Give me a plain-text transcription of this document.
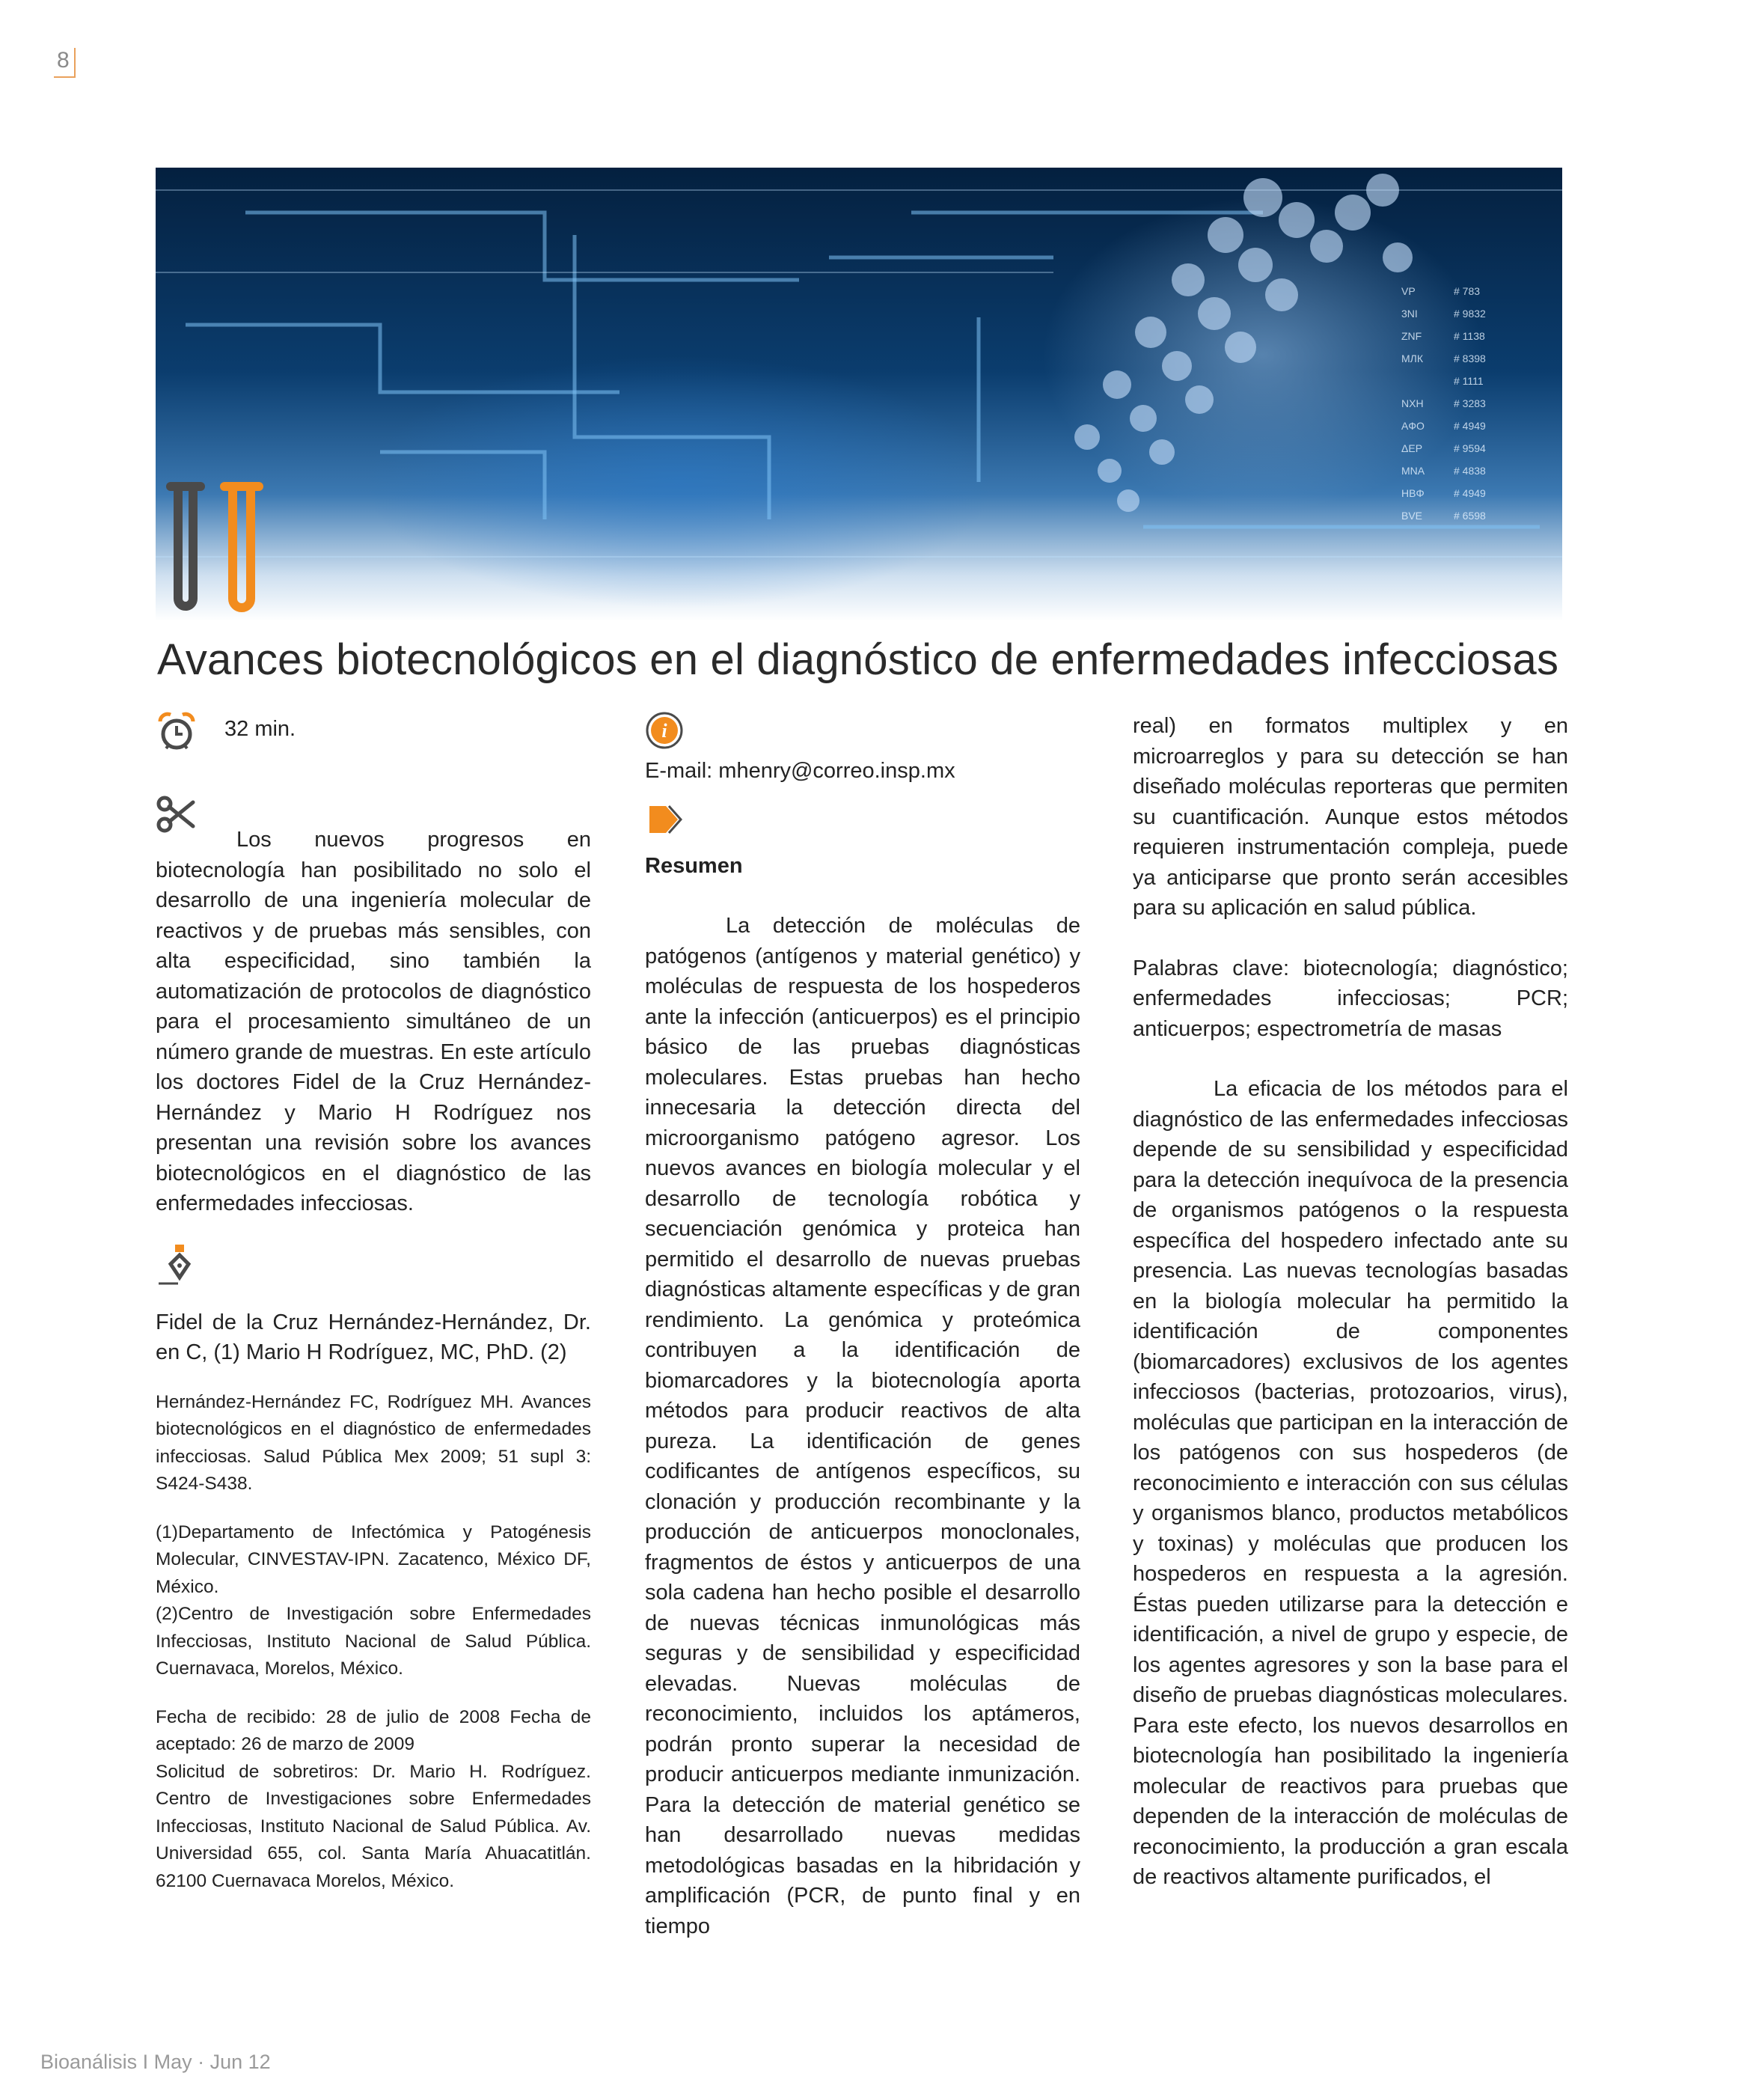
8
VP
3NI
ZNF
МЛК
NXH
AФO
ΔEP
MNA
HBΦ
BVE
# 783
# 9832
# 1138
# 8398
# 1111
# 3283
# 4949
# 9594
# 4838
# 4949
# 6598
Avances biotecnológicos en el diagnóstico de enfermedades infecciosas
32 min.

Los nuevos progresos en biotecnología han posibilitado no solo el desarrollo de una ingeniería molecular de reactivos y de pruebas más sensibles, con alta especificidad, sino también la automatización de protocolos de diagnóstico para el procesamiento simultáneo de un número grande de muestras. En este artículo los doctores Fidel de la Cruz Hernández-Hernández y Mario H Rodríguez nos presentan una revisión sobre los avances biotecnológicos en el diagnóstico de las enfermedades infecciosas.

Fidel de la Cruz Hernández-Hernández, Dr. en C, (1) Mario H Rodríguez, MC, PhD. (2)

Hernández-Hernández FC, Rodríguez MH. Avances biotecnológicos en el diagnóstico de enfermedades infecciosas. Salud Pública Mex 2009; 51 supl 3: S424-S438.

(1)Departamento de Infectómica y Patogénesis Molecular, CINVESTAV-IPN. Zacatenco, México DF, México.

(2)Centro de Investigación sobre Enfermedades Infecciosas, Instituto Nacional de Salud Pública. Cuernavaca, Morelos, México.

Fecha de recibido: 28 de julio de 2008 Fecha de aceptado: 26 de marzo de 2009

Solicitud de sobretiros: Dr. Mario H. Rodríguez. Centro de Investigaciones sobre Enfermedades Infecciosas, Instituto Nacional de Salud Pública. Av. Universidad 655, col. Santa María Ahuacatitlán. 62100 Cuernavaca Morelos, México.

i

E-mail: mhenry@correo.insp.mx

Resumen

La detección de moléculas de patógenos (antígenos y material genético) y moléculas de respuesta de los hospederos ante la infección (anticuerpos) es el principio básico de las pruebas diagnósticas moleculares. Estas pruebas han hecho innecesaria la detección directa del microorganismo patógeno agresor. Los nuevos avances en biología molecular y el desarrollo de tecnología robótica y secuenciación genómica y proteica han permitido el desarrollo de nuevas pruebas diagnósticas altamente específicas y de gran rendimiento. La genómica y proteómica contribuyen a la identificación de biomarcadores y la biotecnología aporta métodos para producir reactivos de alta pureza. La identificación de genes codificantes de antígenos específicos, su clonación y producción recombinante y la producción de anticuerpos monoclonales, fragmentos de éstos y anticuerpos de una sola cadena han hecho posible el desarrollo de nuevas técnicas inmunológicas más seguras y de sensibilidad y especificidad elevadas. Nuevas moléculas de reconocimiento, incluidos los aptámeros, podrán pronto superar la necesidad de producir anticuerpos mediante inmunización. Para la detección de material genético se han desarrollado nuevas medidas metodológicas basadas en la hibridación y amplificación (PCR, de punto final y en tiempo

real) en formatos multiplex y en microarreglos y para su detección se han diseñado moléculas reporteras que permiten su cuantificación. Aunque estos métodos requieren instrumentación compleja, puede ya anticiparse que pronto serán accesibles para su aplicación en salud pública.

Palabras clave: biotecnología; diagnóstico; enfermedades infecciosas; PCR; anticuerpos; espectrometría de masas

La eficacia de los métodos para el diagnóstico de las enfermedades infecciosas depende de su sensibilidad y especificidad para la detección inequívoca de la presencia de organismos patógenos o la respuesta específica del hospedero infectado ante su presencia. Las nuevas tecnologías basadas en la biología molecular ha permitido la identificación de componentes (biomarcadores) exclusivos de los agentes infecciosos (bacterias, protozoarios, virus), moléculas que participan en la interacción de los patógenos con sus hospederos (de reconocimiento e interacción con sus células y organismos blanco, productos metabólicos y toxinas) y moléculas que producen los hospederos en respuesta a la agresión. Éstas pueden utilizarse para la detección e identificación, a nivel de grupo y especie, de los agentes agresores y son la base para el diseño de pruebas diagnósticas moleculares. Para este efecto, los nuevos desarrollos en biotecnología han posibilitado la ingeniería molecular de reactivos para pruebas que dependen de la interacción de moléculas de reconocimiento, la producción a gran escala de reactivos altamente purificados, el

Bioanálisis I May · Jun 12
